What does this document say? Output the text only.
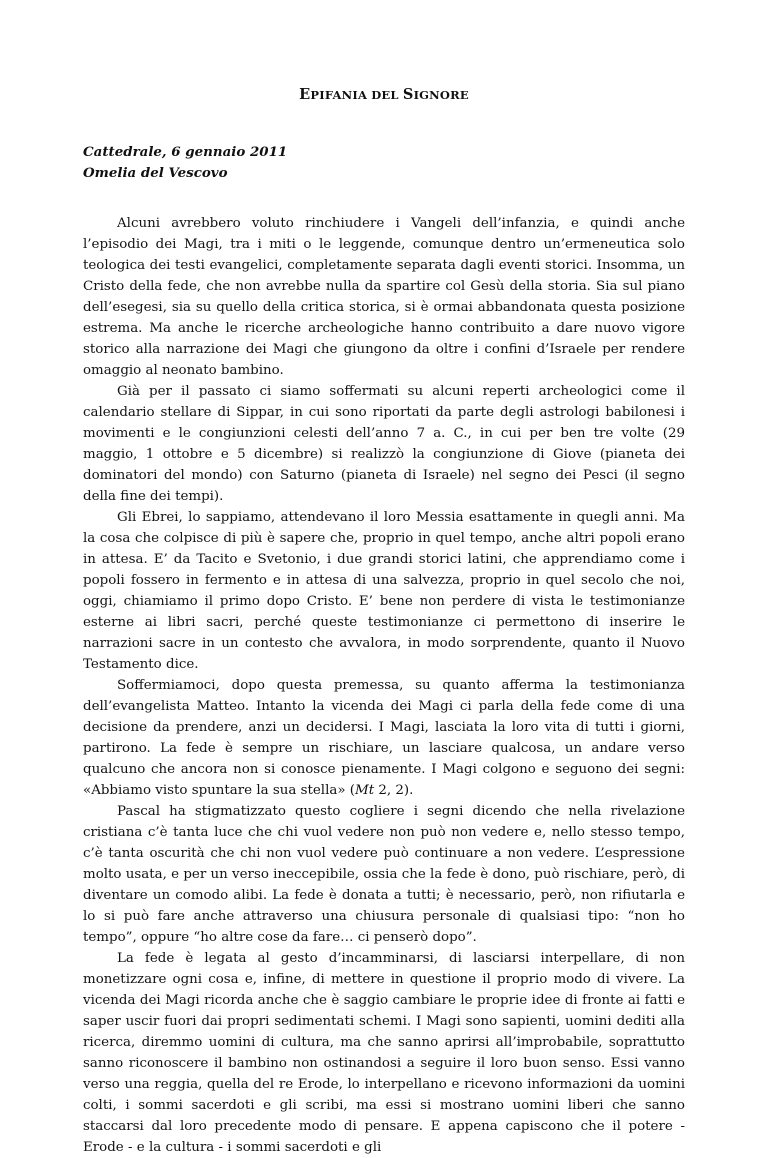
EPIFANIA DEL SIGNORE
Cattedrale, 6 gennaio 2011
Omelia del Vescovo

Alcuni avrebbero voluto rinchiudere i Vangeli dell’infanzia, e quindi anche l’episodio dei Magi, tra i miti o le leggende, comunque dentro un’ermeneutica solo teologica dei testi evangelici, completamente separata dagli eventi storici. Insomma, un Cristo della fede, che non avrebbe nulla da spartire col Gesù della storia. Sia sul piano dell’esegesi, sia su quello della critica storica, si è ormai abbandonata questa posizione estrema. Ma anche le ricerche archeologiche hanno contribuito a dare nuovo vigore storico alla narrazione dei Magi che giungono da oltre i confini d’Israele per rendere omaggio al neonato bambino.

Già per il passato ci siamo soffermati su alcuni reperti archeologici come il calendario stellare di Sippar, in cui sono riportati da parte degli astrologi babilonesi i movimenti e le congiunzioni celesti dell’anno 7 a. C., in cui per ben tre volte (29 maggio, 1 ottobre e 5 dicembre) si realizzò la congiunzione di Giove (pianeta dei dominatori del mondo) con Saturno (pianeta di Israele) nel segno dei Pesci (il segno della fine dei tempi).

Gli Ebrei, lo sappiamo, attendevano il loro Messia esattamente in quegli anni. Ma la cosa che colpisce di più è sapere che, proprio in quel tempo, anche altri popoli erano in attesa. E’ da Tacito e Svetonio, i due grandi storici latini, che apprendiamo come i popoli fossero in fermento e in attesa di una salvezza, proprio in quel secolo che noi, oggi, chiamiamo il primo dopo Cristo. E’ bene non perdere di vista le testimonianze esterne ai libri sacri, perché queste testimonianze ci permettono di inserire le narrazioni sacre in un contesto che avvalora, in modo sorprendente, quanto il Nuovo Testamento dice.

Soffermiamoci, dopo questa premessa, su quanto afferma la testimonianza dell’evangelista Matteo. Intanto la vicenda dei Magi ci parla della fede come di una decisione da prendere, anzi un decidersi. I Magi, lasciata la loro vita di tutti i giorni, partirono. La fede è sempre un rischiare, un lasciare qualcosa, un andare verso qualcuno che ancora non si conosce pienamente. I Magi colgono e seguono dei segni: «Abbiamo visto spuntare la sua stella» (Mt 2, 2).

Pascal ha stigmatizzato questo cogliere i segni dicendo che nella rivelazione cristiana c’è tanta luce che chi vuol vedere non può non vedere e, nello stesso tempo, c’è tanta oscurità che chi non vuol vedere può continuare a non vedere. L’espressione molto usata, e per un verso ineccepibile, ossia che la fede è dono, può rischiare, però, di diventare un comodo alibi. La fede è donata a tutti; è necessario, però, non rifiutarla e lo si può fare anche attraverso una chiusura personale di qualsiasi tipo: “non ho tempo”, oppure “ho altre cose da fare… ci penserò dopo”.

La fede è legata al gesto d’incamminarsi, di lasciarsi interpellare, di non monetizzare ogni cosa e, infine, di mettere in questione il proprio modo di vivere. La vicenda dei Magi ricorda anche che è saggio cambiare le proprie idee di fronte ai fatti e saper uscir fuori dai propri sedimentati schemi. I Magi sono sapienti, uomini dediti alla ricerca, diremmo uomini di cultura, ma che sanno aprirsi all’improbabile, soprattutto sanno riconoscere il bambino non ostinandosi a seguire il loro buon senso. Essi vanno verso una reggia, quella del re Erode, lo interpellano e ricevono informazioni da uomini colti, i sommi sacerdoti e gli scribi, ma essi si mostrano uomini liberi che sanno staccarsi dal loro precedente modo di pensare. E appena capiscono che il potere - Erode - e la cultura - i sommi sacerdoti e gli
